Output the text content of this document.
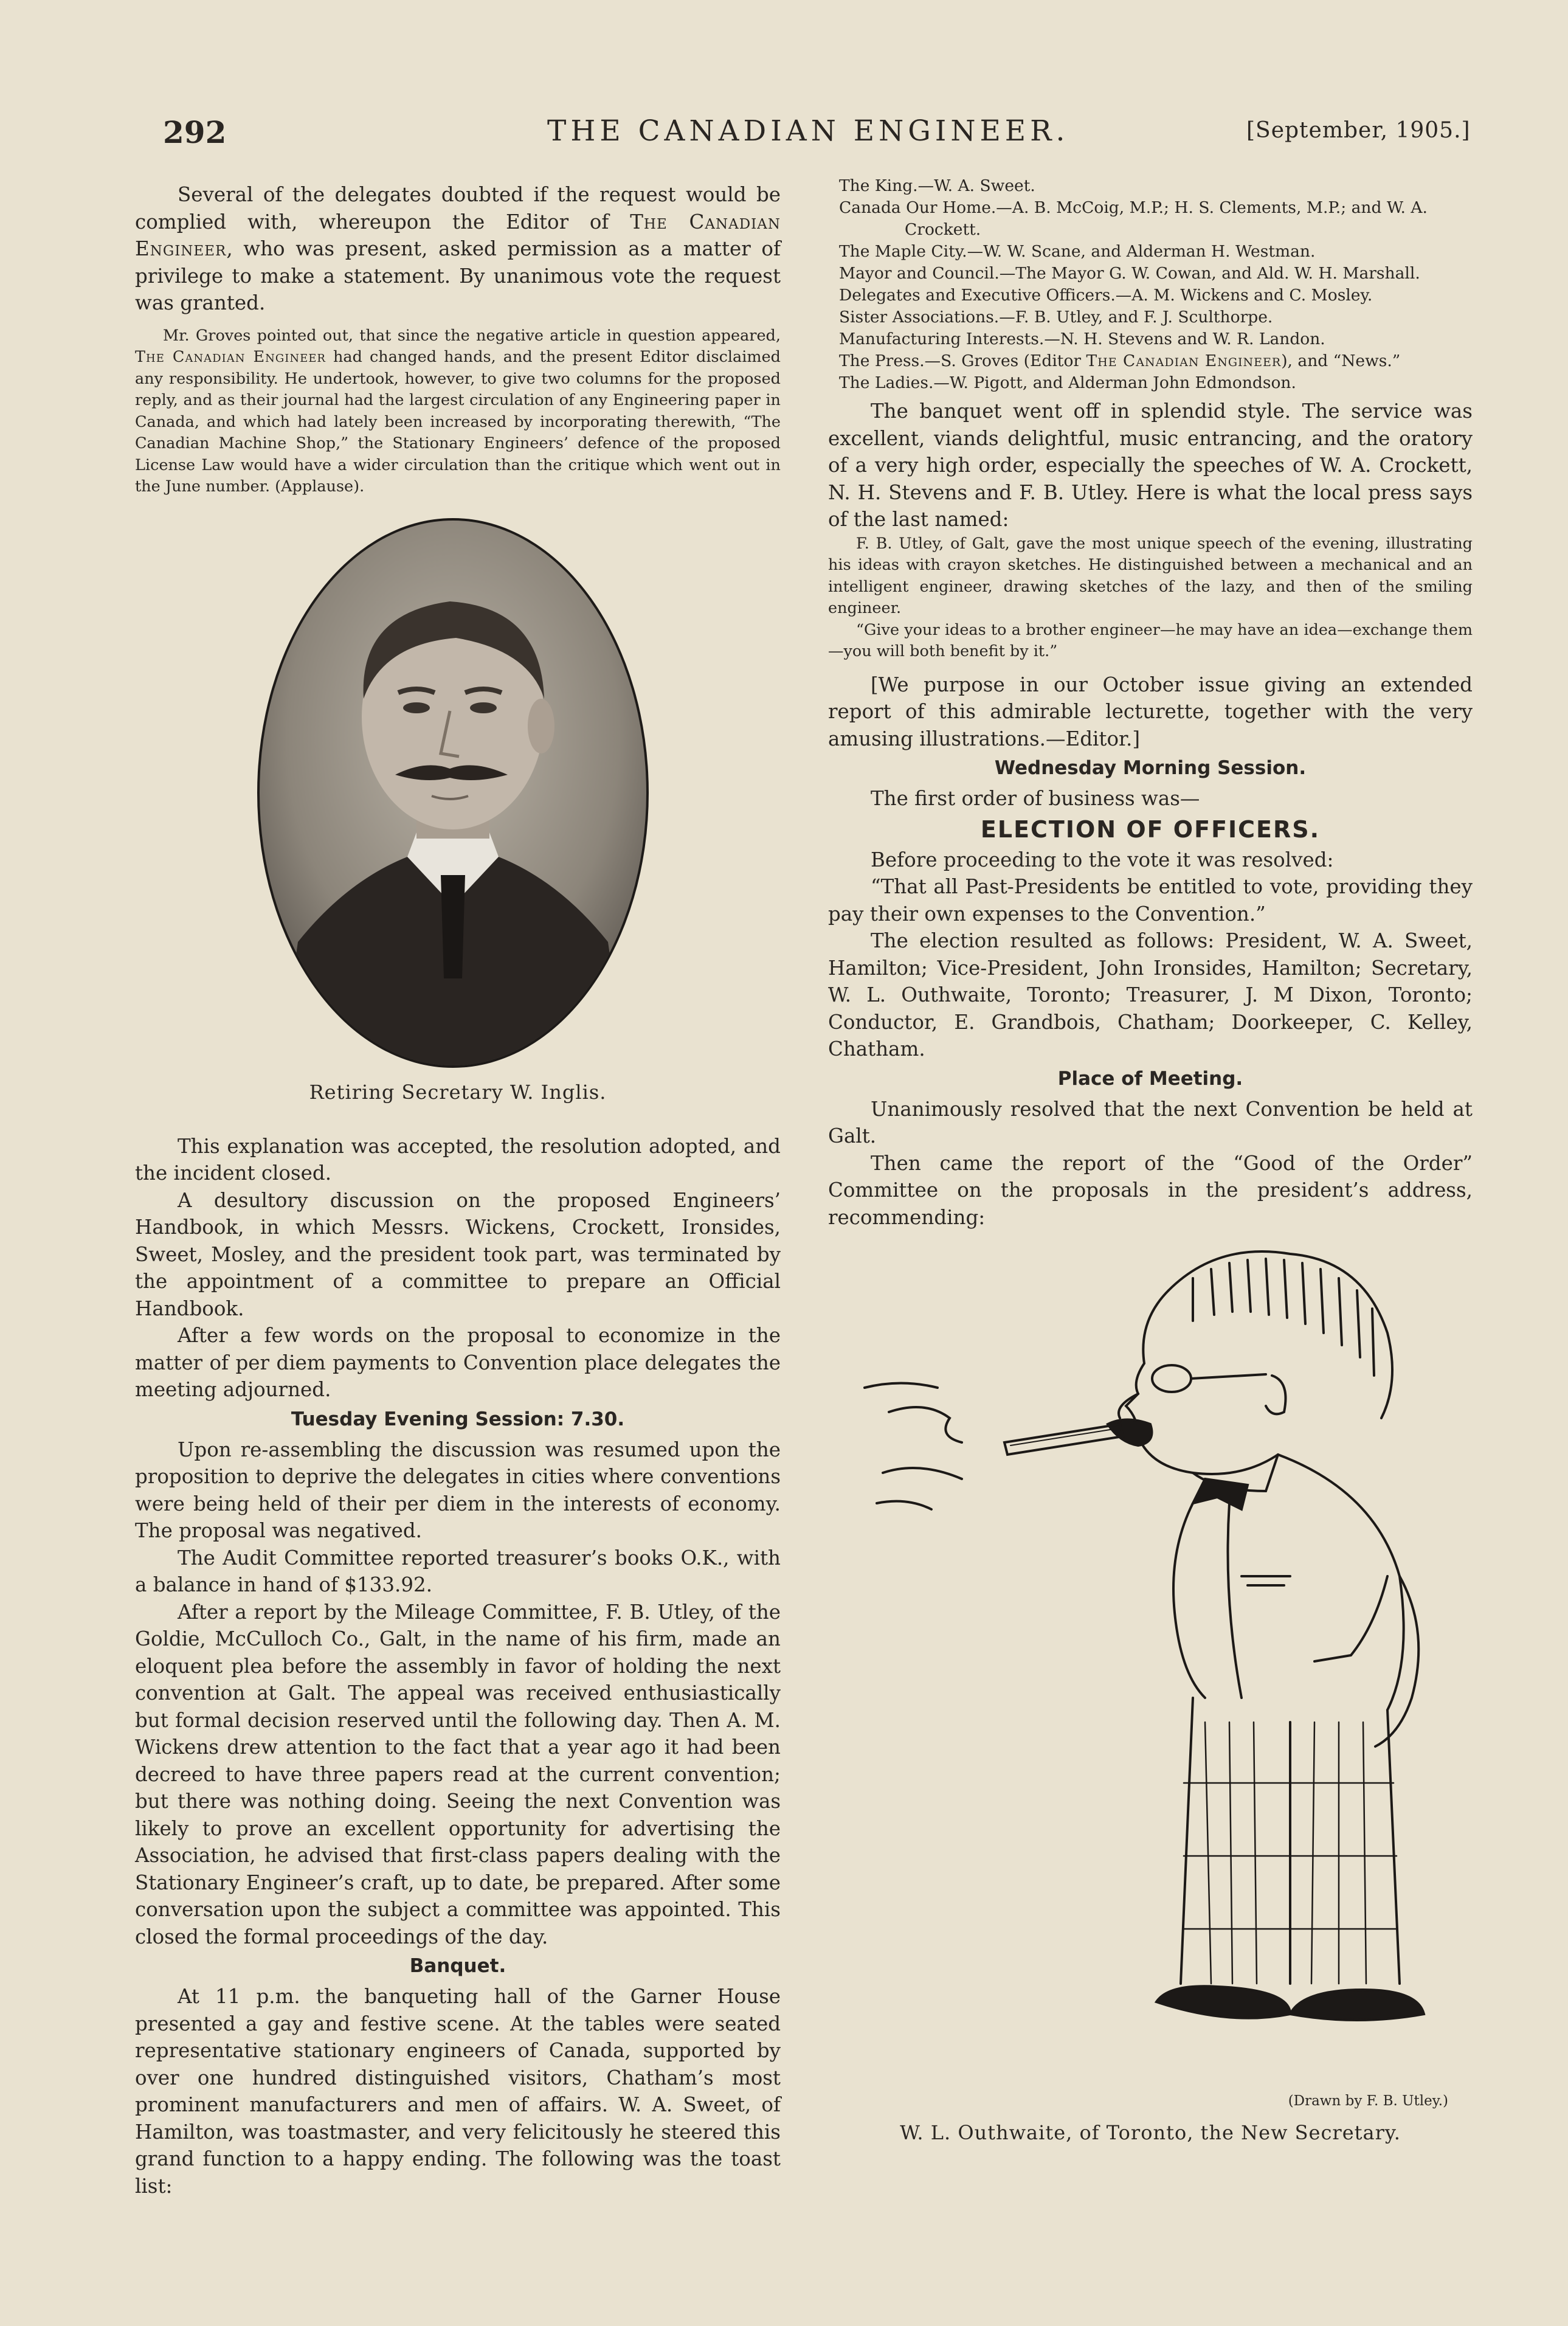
292	THE CANADIAN ENGINEER.	[September, 1905.]

Several of the delegates doubted if the request would be complied with, whereupon the Editor of The Canadian Engineer, who was present, asked permission as a matter of privilege to make a statement. By unanimous vote the request was granted.

Mr. Groves pointed out, that since the negative article in question appeared, The Canadian Engineer had changed hands, and the present Editor disclaimed any responsibility. He undertook, however, to give two columns for the proposed reply, and as their journal had the largest circulation of any Engineering paper in Canada, and which had lately been increased by incorporating therewith, “The Canadian Machine Shop,” the Stationary Engineers’ defence of the proposed License Law would have a wider circulation than the critique which went out in the June number. (Applause).

Retiring Secretary W. Inglis.

This explanation was accepted, the resolution adopted, and the incident closed.

A desultory discussion on the proposed Engineers’ Handbook, in which Messrs. Wickens, Crockett, Ironsides, Sweet, Mosley, and the president took part, was terminated by the appointment of a committee to prepare an Official Handbook.

After a few words on the proposal to economize in the matter of per diem payments to Convention place delegates the meeting adjourned.

Tuesday Evening Session: 7.30.

Upon re-assembling the discussion was resumed upon the proposition to deprive the delegates in cities where conventions were being held of their per diem in the interests of economy. The proposal was negatived.

The Audit Committee reported treasurer’s books O.K., with a balance in hand of $133.92.

After a report by the Mileage Committee, F. B. Utley, of the Goldie, McCulloch Co., Galt, in the name of his firm, made an eloquent plea before the assembly in favor of holding the next convention at Galt. The appeal was received enthusiastically but formal decision reserved until the following day. Then A. M. Wickens drew attention to the fact that a year ago it had been decreed to have three papers read at the current convention; but there was nothing doing. Seeing the next Convention was likely to prove an excellent opportunity for advertising the Association, he advised that first-class papers dealing with the Stationary Engineer’s craft, up to date, be prepared. After some conversation upon the subject a committee was appointed. This closed the formal proceedings of the day.

Banquet.

At 11 p.m. the banqueting hall of the Garner House presented a gay and festive scene. At the tables were seated representative stationary engineers of Canada, supported by over one hundred distinguished visitors, Chatham’s most prominent manufacturers and men of affairs. W. A. Sweet, of Hamilton, was toastmaster, and very felicitously he steered this grand function to a happy ending. The following was the toast list:

The King.—W. A. Sweet.

Canada Our Home.—A. B. McCoig, M.P.; H. S. Clements, M.P.; and W. A. Crockett.

The Maple City.—W. W. Scane, and Alderman H. Westman.

Mayor and Council.—The Mayor G. W. Cowan, and Ald. W. H. Marshall.

Delegates and Executive Officers.—A. M. Wickens and C. Mosley.

Sister Associations.—F. B. Utley, and F. J. Sculthorpe.

Manufacturing Interests.—N. H. Stevens and W. R. Landon.

The Press.—S. Groves (Editor The Canadian Engineer), and “News.”

The Ladies.—W. Pigott, and Alderman John Edmondson.

The banquet went off in splendid style. The service was excellent, viands delightful, music entrancing, and the oratory of a very high order, especially the speeches of W. A. Crockett, N. H. Stevens and F. B. Utley. Here is what the local press says of the last named:

F. B. Utley, of Galt, gave the most unique speech of the evening, illustrating his ideas with crayon sketches. He distinguished between a mechanical and an intelligent engineer, drawing sketches of the lazy, and then of the smiling engineer.

“Give your ideas to a brother engineer—he may have an idea—exchange them—you will both benefit by it.”

[We purpose in our October issue giving an extended report of this admirable lecturette, together with the very amusing illustrations.—Editor.]

Wednesday Morning Session.

The first order of business was—

ELECTION OF OFFICERS.

Before proceeding to the vote it was resolved:

“That all Past-Presidents be entitled to vote, providing they pay their own expenses to the Convention.”

The election resulted as follows: President, W. A. Sweet, Hamilton; Vice-President, John Ironsides, Hamilton; Secretary, W. L. Outhwaite, Toronto; Treasurer, J. M Dixon, Toronto; Conductor, E. Grandbois, Chatham; Doorkeeper, C. Kelley, Chatham.

Place of Meeting.

Unanimously resolved that the next Convention be held at Galt.

Then came the report of the “Good of the Order” Committee on the proposals in the president’s address, recommending:

(Drawn by F. B. Utley.)
W. L. Outhwaite, of Toronto, the New Secretary.
